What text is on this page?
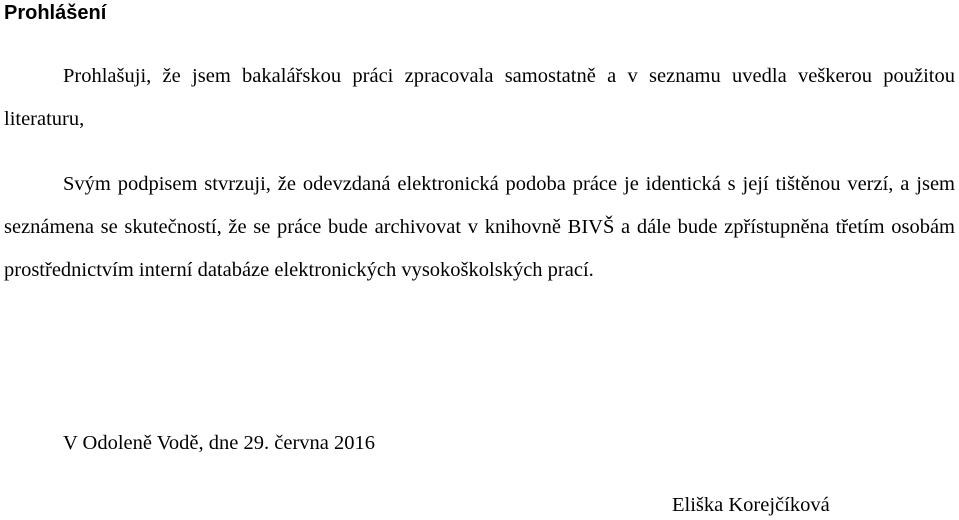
Prohlášení

Prohlašuji, že jsem bakalářskou práci zpracovala samostatně a v seznamu uvedla veškerou použitou literaturu,

Svým podpisem stvrzuji, že odevzdaná elektronická podoba práce je identická s její tištěnou verzí, a jsem seznámena se skutečností, že se práce bude archivovat v knihovně BIVŠ a dále bude zpřístupněna třetím osobám prostřednictvím interní databáze elektronických vysokoškolských prací.

V Odoleně Vodě, dne 29. června 2016

Eliška Korejčíková
